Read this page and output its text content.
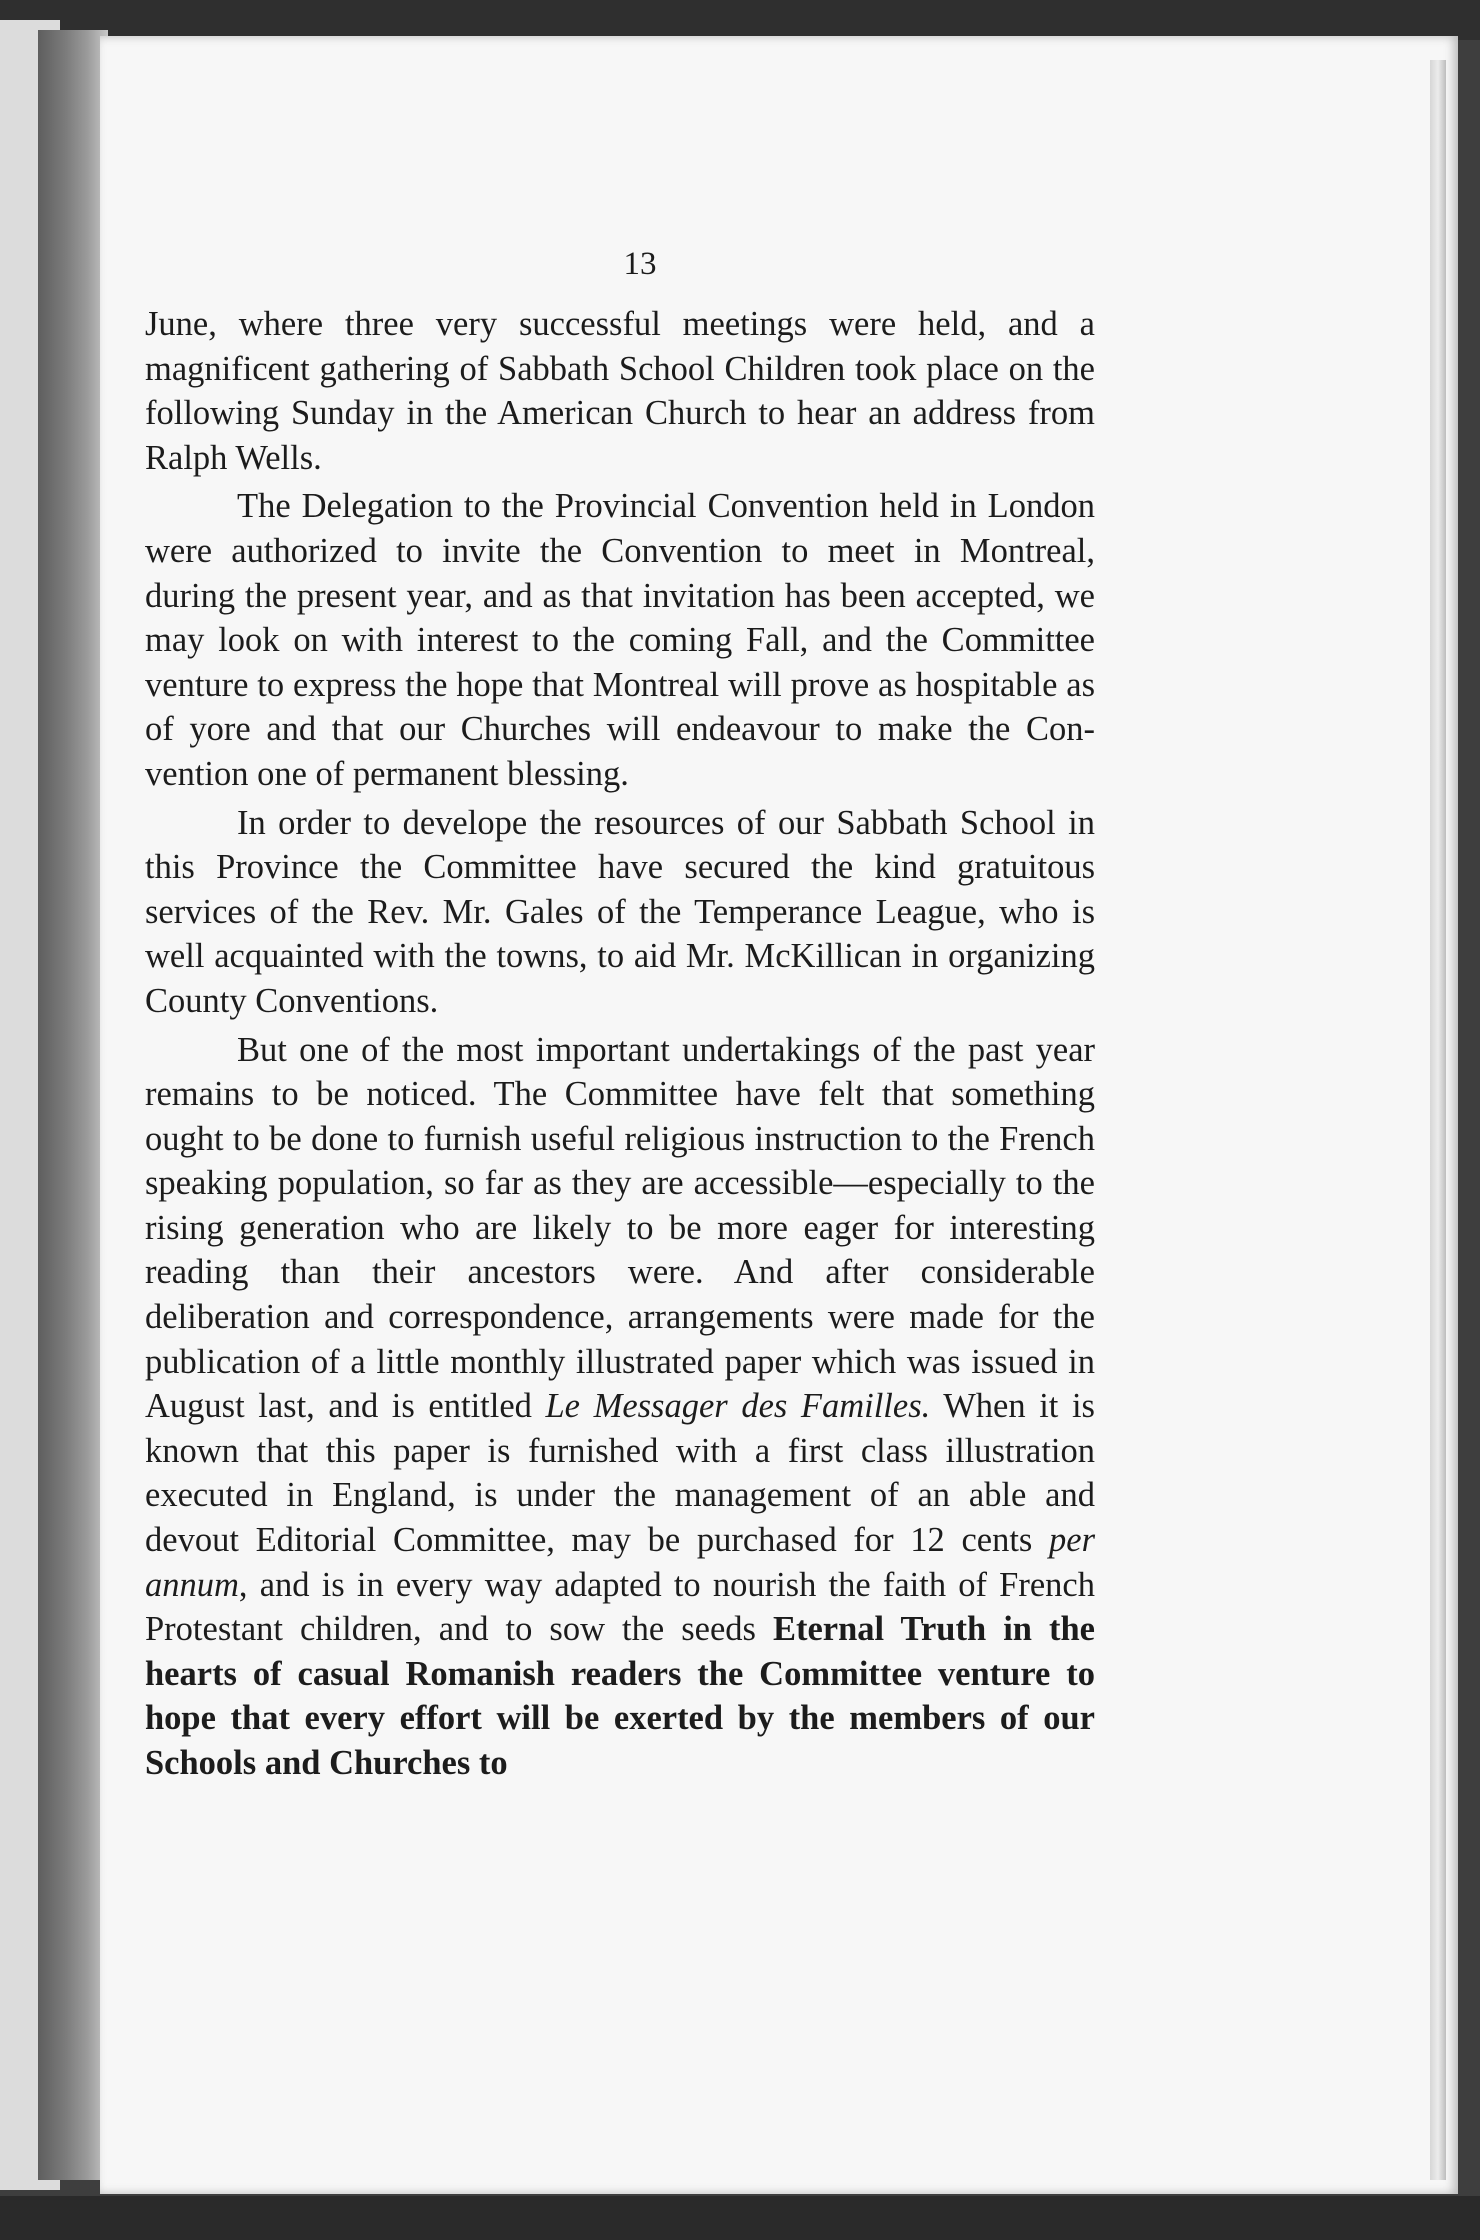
13

June, where three very successful meetings were held, and a magnificent gathering of Sabbath School Children took place on the following Sunday in the American Church to hear an address from Ralph Wells.

The Delegation to the Provincial Convention held in London were authorized to invite the Convention to meet in Montreal, during the present year, and as that invitation has been accepted, we may look on with interest to the coming Fall, and the Committee venture to express the hope that Montreal will prove as hospitable as of yore and that our Churches will endeavour to make the Convention one of permanent blessing.

In order to develope the resources of our Sabbath School in this Province the Committee have secured the kind gratuitous services of the Rev. Mr. Gales of the Temperance League, who is well acquainted with the towns, to aid Mr. McKillican in organizing County Conventions.

But one of the most important undertakings of the past year remains to be noticed. The Committee have felt that something ought to be done to furnish useful religious instruction to the French speaking population, so far as they are accessible—especially to the rising generation who are likely to be more eager for interesting reading than their ancestors were. And after considerable deliberation and correspondence, arrangements were made for the publication of a little monthly illustrated paper which was issued in August last, and is entitled Le Messager des Familles. When it is known that this paper is furnished with a first class illustration executed in England, is under the management of an able and devout Editorial Committee, may be purchased for 12 cents per annum, and is in every way adapted to nourish the faith of French Protestant children, and to sow the seeds Eternal Truth in the hearts of casual Romanish readers the Committee venture to hope that every effort will be exerted by the members of our Schools and Churches to
